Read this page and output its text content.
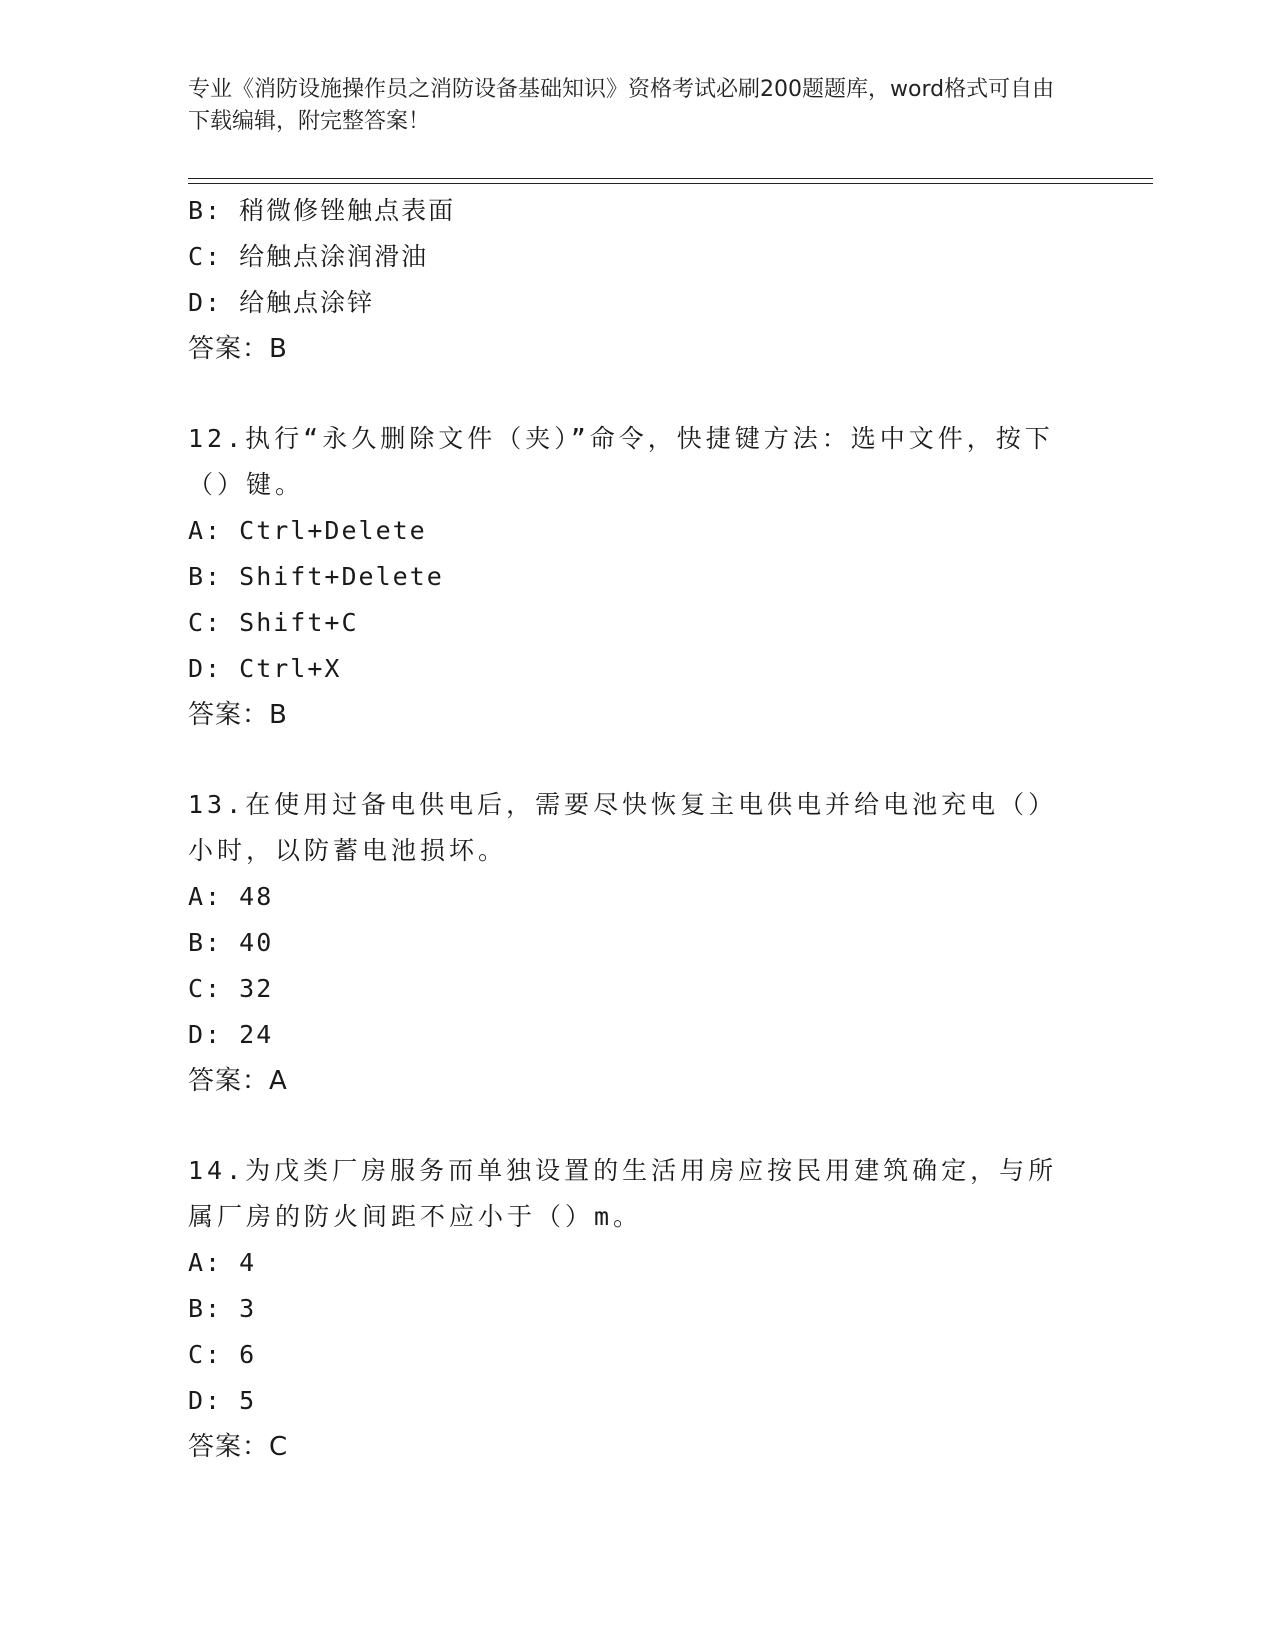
专业《消防设施操作员之消防设备基础知识》资格考试必刷200题题库，word格式可自由下载编辑，附完整答案！
B: 稍微修锉触点表面
C: 给触点涂润滑油
D: 给触点涂锌
答案：B
12.执行“永久删除文件（夹）”命令，快捷键方法：选中文件，按下（）键。
A: Ctrl+Delete
B: Shift+Delete
C: Shift+C
D: Ctrl+X
答案：B
13.在使用过备电供电后，需要尽快恢复主电供电并给电池充电（）小时，以防蓄电池损坏。
A: 48
B: 40
C: 32
D: 24
答案：A
14.为戊类厂房服务而单独设置的生活用房应按民用建筑确定，与所属厂房的防火间距不应小于（）m。
A: 4
B: 3
C: 6
D: 5
答案：C
